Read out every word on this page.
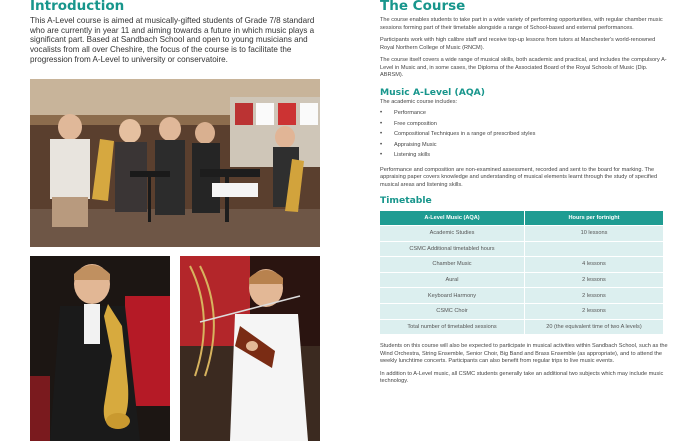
Introduction

This A-Level course is aimed at musically-gifted students of Grade 7/8 standard who are currently in year 11 and aiming towards a future in which music plays a significant part. Based at Sandbach School and open to young musicians and vocalists from all over Cheshire, the focus of the course is to facilitate the progression from A-Level to university or conservatoire.

The Course

The course enables students to take part in a wide variety of performing opportunities, with regular chamber music sessions forming part of their timetable alongside a range of School-based and external performances.

Participants work with high calibre staff and receive top-up lessons from tutors at Manchester's world-renowned Royal Northern College of Music (RNCM).

The course itself covers a wide range of musical skills, both academic and practical, and includes the compulsory A-Level in Music and, in some cases, the Diploma of the Associated Board of the Royal Schools of Music (Dip. ABRSM).

Music A-Level (AQA)

The academic course includes:

• Performance
• Free composition
• Compositional Techniques in a range of prescribed styles
• Appraising Music
• Listening skills

Performance and composition are non-examined assessment, recorded and sent to the board for marking. The appraising paper covers knowledge and understanding of musical elements learnt through the study of specified musical areas and listening skills.

Timetable
A-Level Music (AQA)	Hours per fortnight
Academic Studies	10 lessons
CSMC Additional timetabled hours	
Chamber Music	4 lessons
Aural	2 lessons
Keyboard Harmony	2 lessons
CSMC Choir	2 lessons
Total number of timetabled sessions	20 (the equivalent time of two A levels)

Students on this course will also be expected to participate in musical activities within Sandbach School, such as the Wind Orchestra, String Ensemble, Senior Choir, Big Band and Brass Ensemble (as appropriate), and to attend the weekly lunchtime concerts. Participants can also benefit from regular trips to live music events.

In addition to A-Level music, all CSMC students generally take an additional two subjects which may include music technology.
